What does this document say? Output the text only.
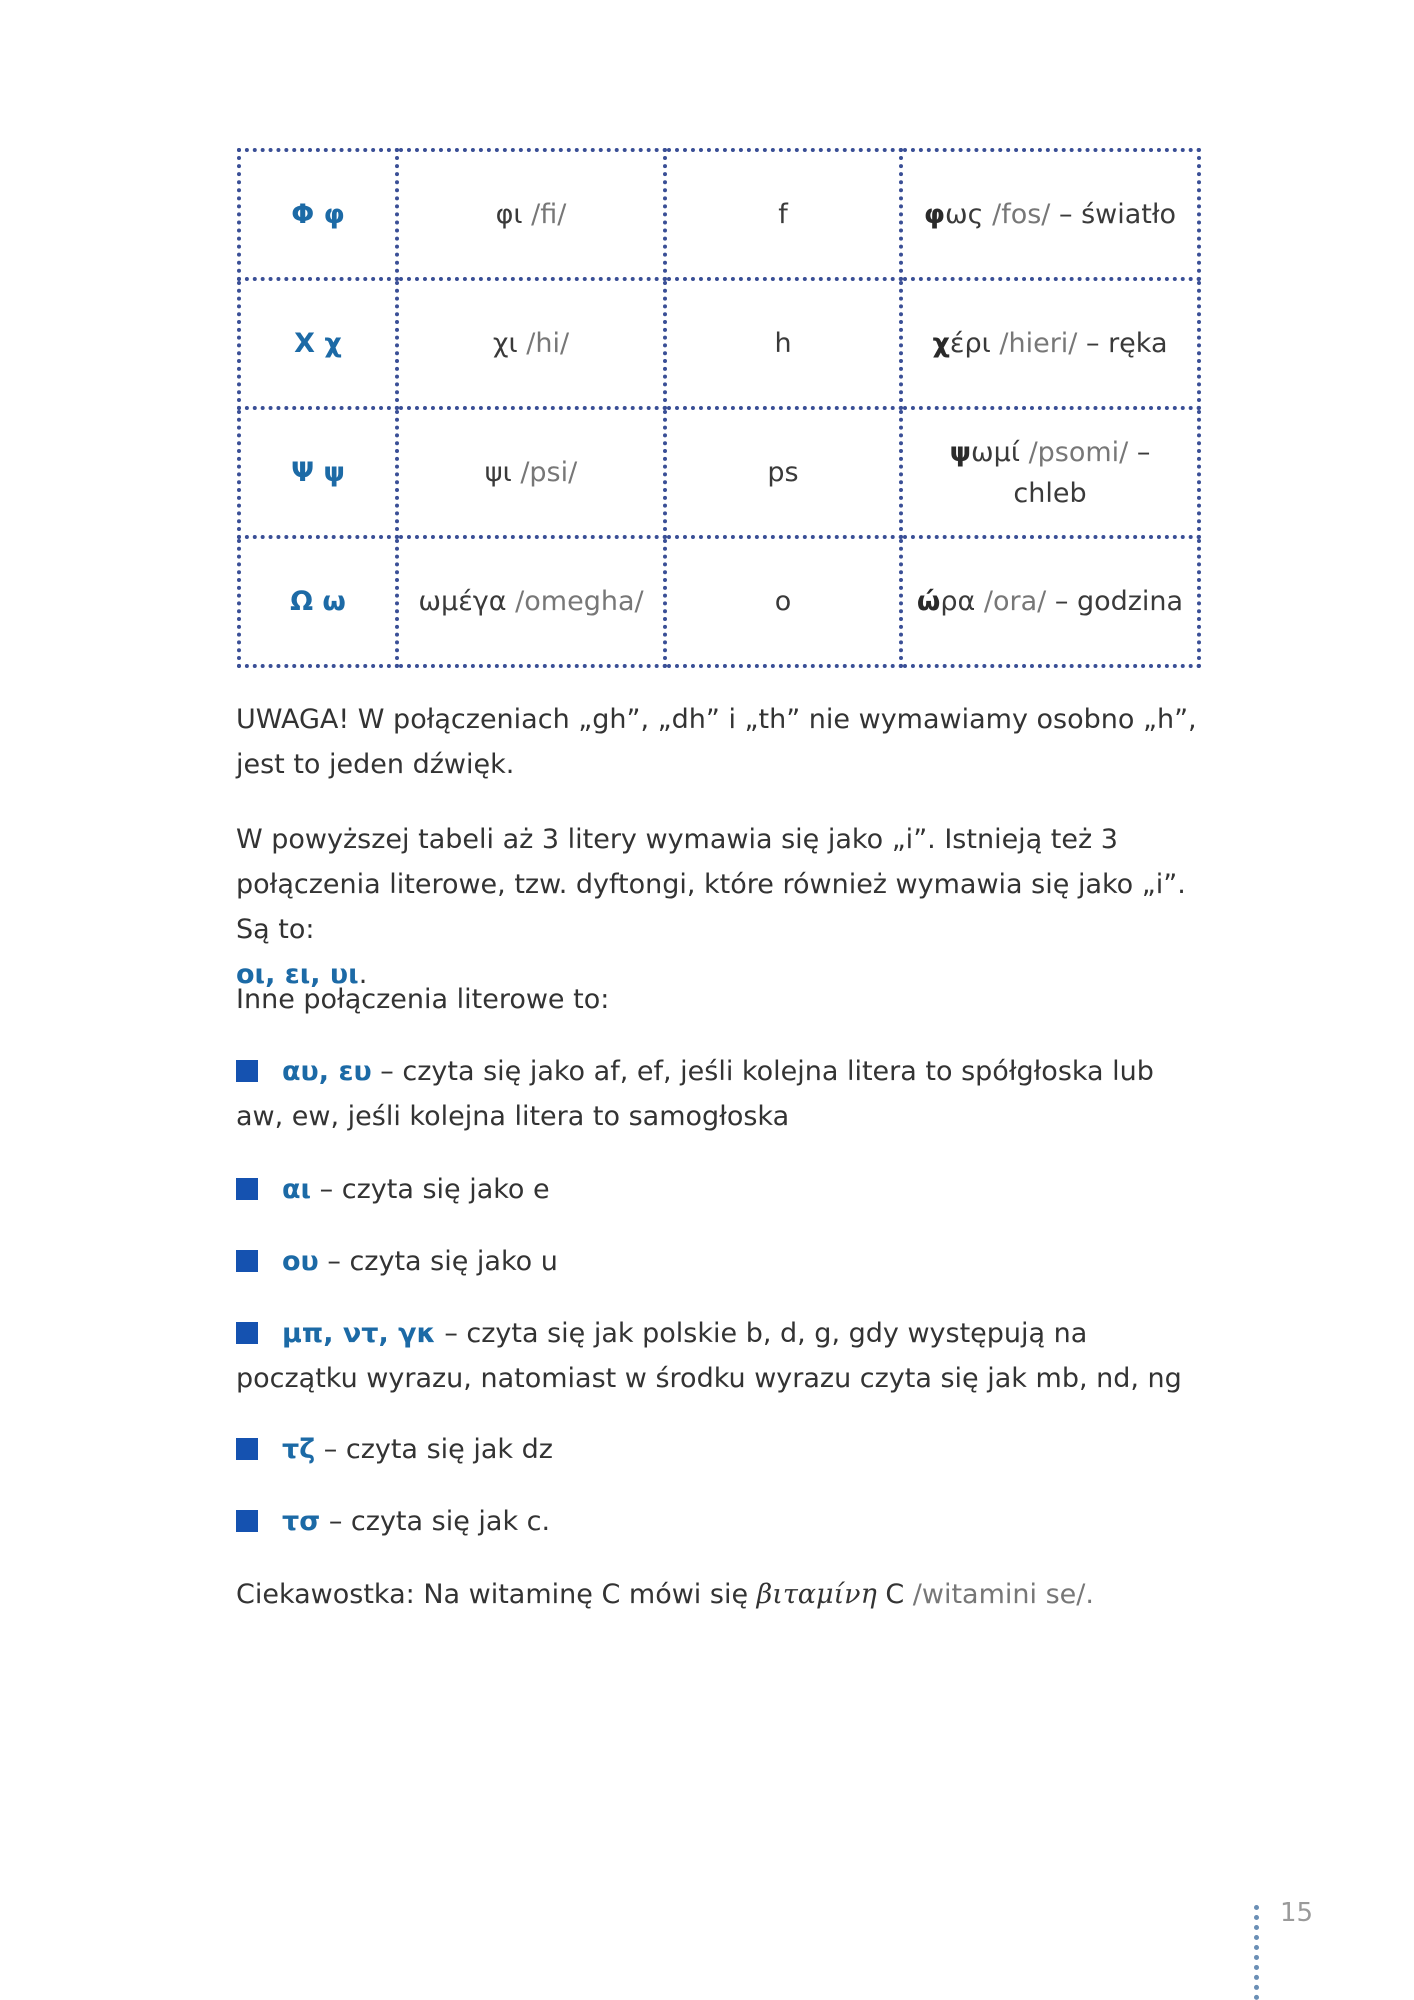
Φ φ	φι /fi/	f	φως /fos/ – światło
Χ χ	χι /hi/	h	χέρι /hieri/ – ręka
Ψ ψ	ψι /psi/	ps	ψωμί /psomi/ – chleb
Ω ω	ωμέγα /omegha/	o	ώρα /ora/ – godzina

UWAGA! W połączeniach „gh”, „dh” i „th” nie wymawiamy osobno „h”, jest to jeden dźwięk.

W powyższej tabeli aż 3 litery wymawia się jako „i”. Istnieją też 3 połączenia literowe, tzw. dyftongi, które również wymawia się jako „i”. Są to:
οι, ει, υι.

Inne połączenia literowe to:

αυ, ευ – czyta się jako af, ef, jeśli kolejna litera to spółgłoska lub aw, ew, jeśli kolejna litera to samogłoska

αι – czyta się jako e

ου – czyta się jako u

μπ, ντ, γκ – czyta się jak polskie b, d, g, gdy występują na początku wyrazu, natomiast w środku wyrazu czyta się jak mb, nd, ng

τζ – czyta się jak dz

τσ – czyta się jak c.

Ciekawostka: Na witaminę C mówi się βιταμίνη C /witamini se/.

15
